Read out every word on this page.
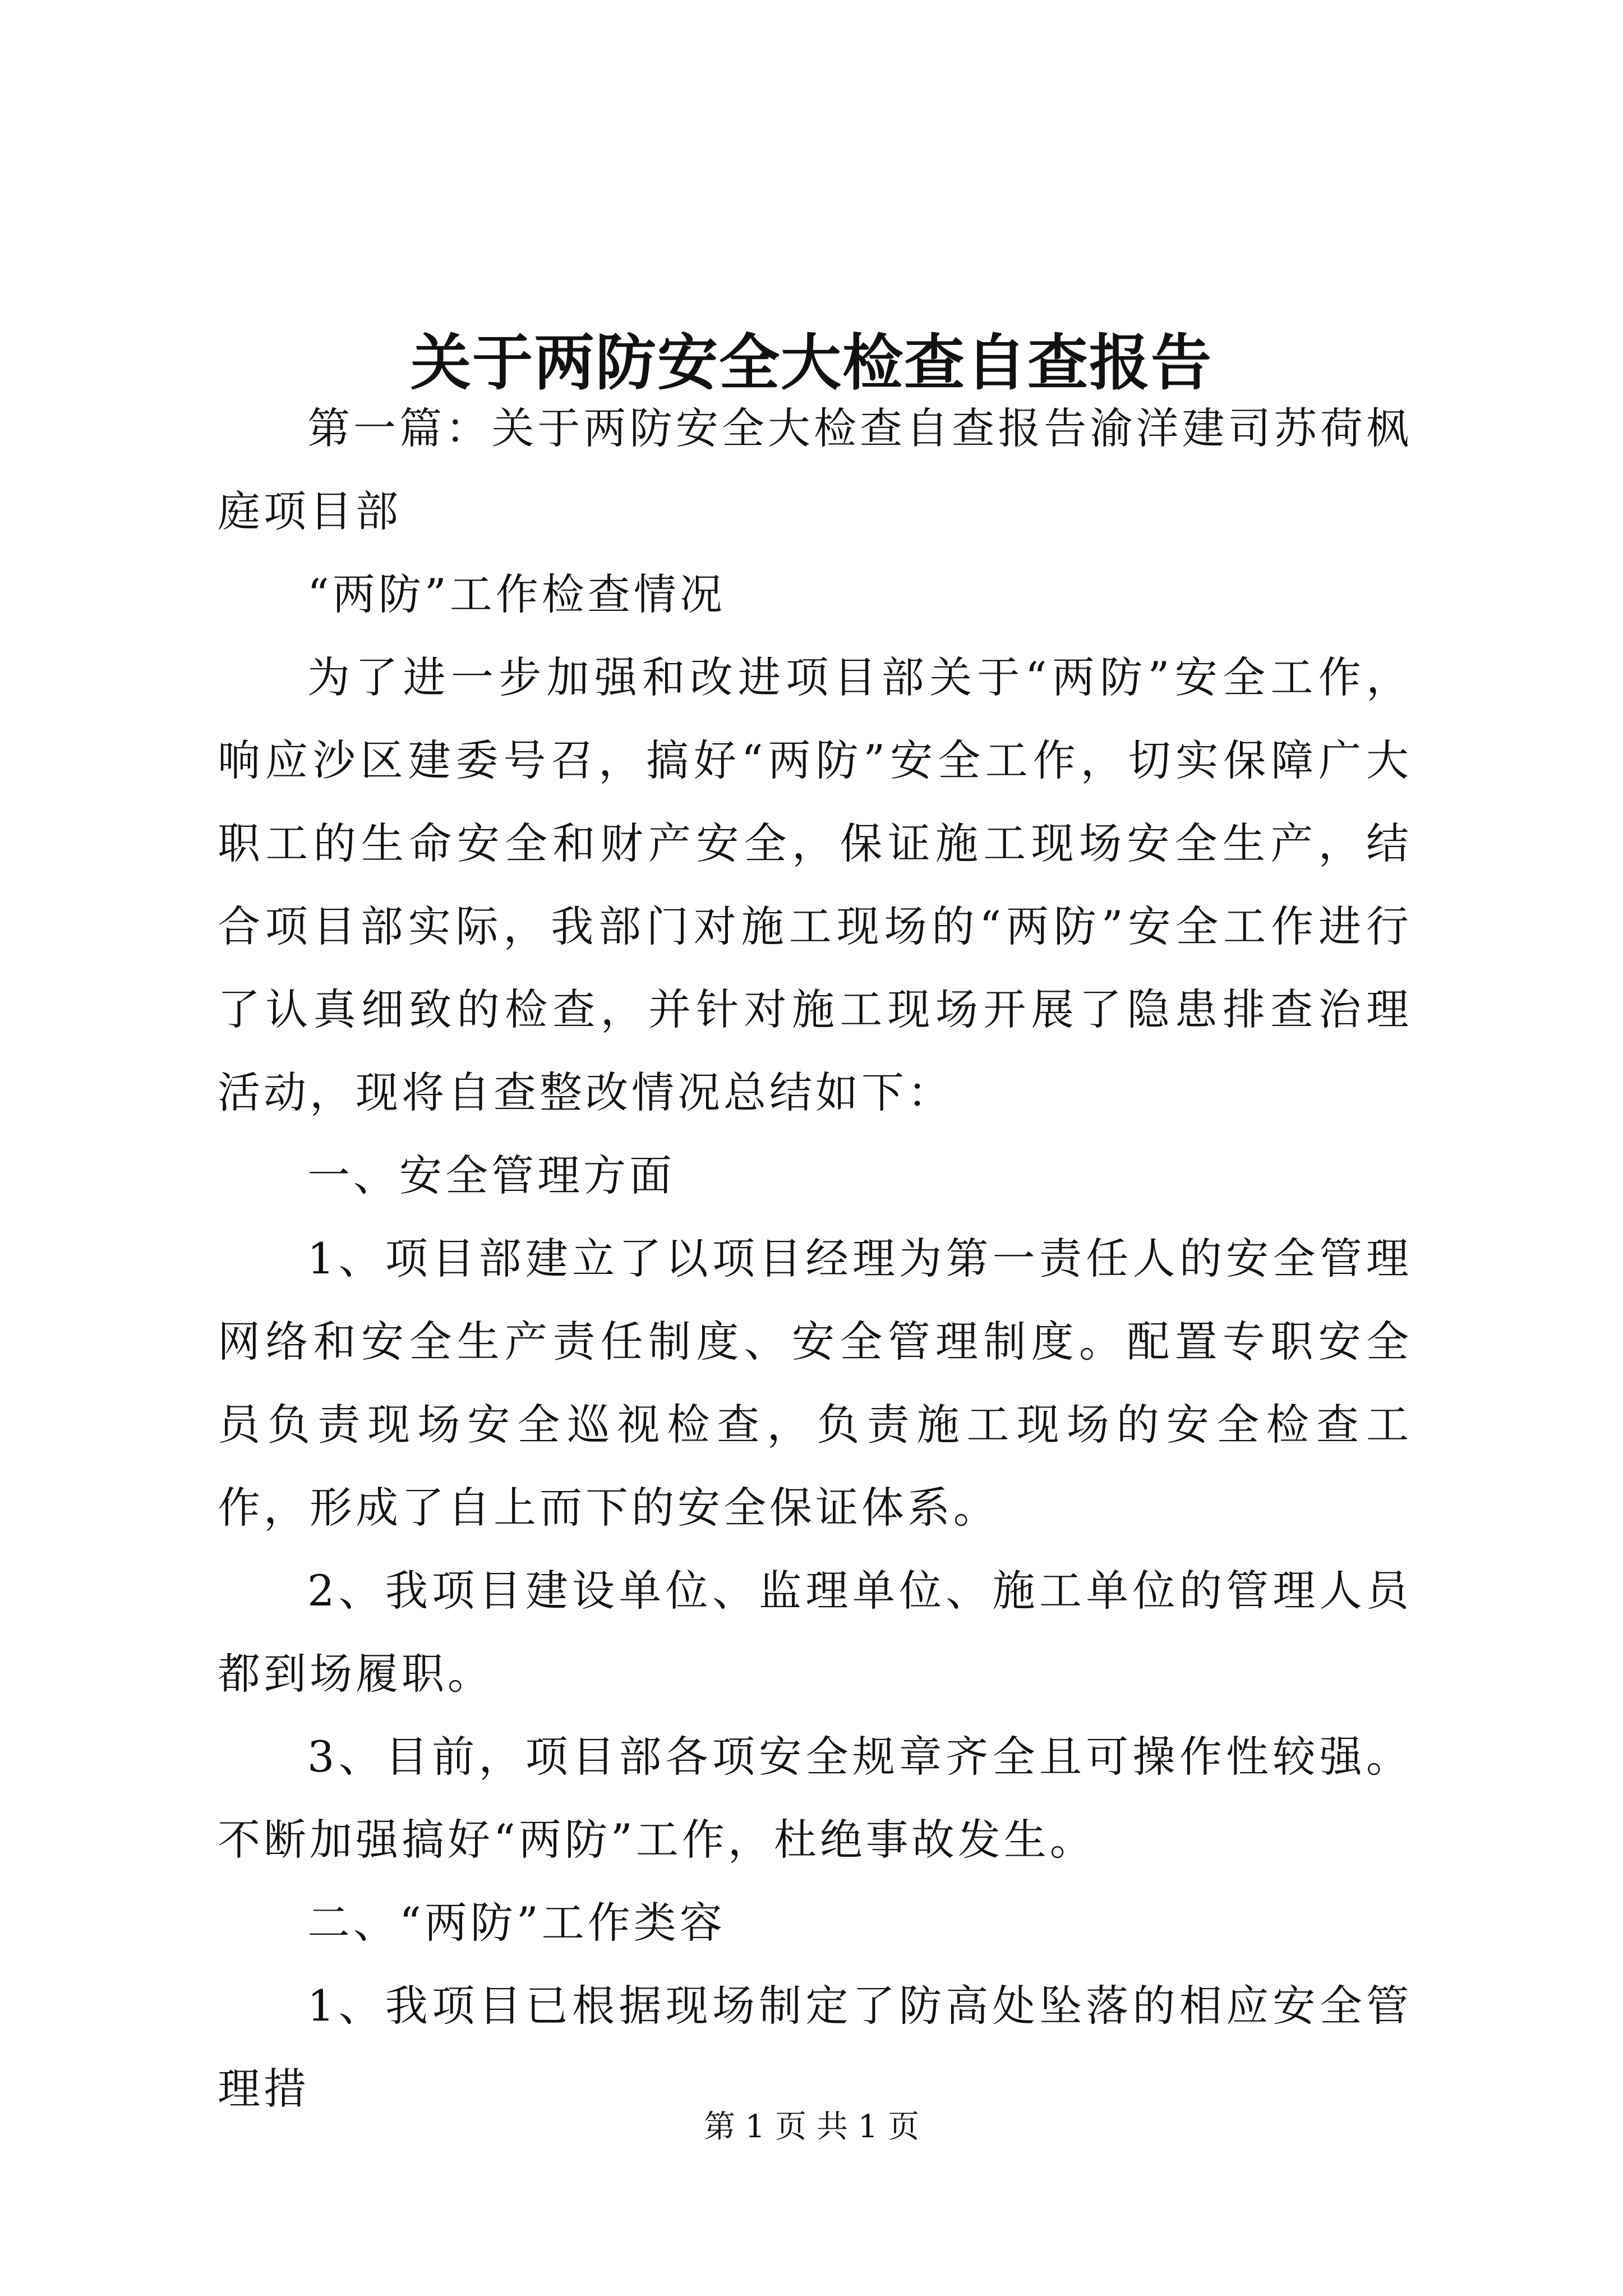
关于两防安全大检查自查报告

第一篇：关于两防安全大检查自查报告渝洋建司苏荷枫庭项目部

“两防”工作检查情况

为了进一步加强和改进项目部关于“两防”安全工作，响应沙区建委号召，搞好“两防”安全工作，切实保障广大职工的生命安全和财产安全，保证施工现场安全生产，结合项目部实际，我部门对施工现场的“两防”安全工作进行了认真细致的检查，并针对施工现场开展了隐患排查治理活动，现将自查整改情况总结如下：

一、安全管理方面

1、项目部建立了以项目经理为第一责任人的安全管理网络和安全生产责任制度、安全管理制度。配置专职安全员负责现场安全巡视检查，负责施工现场的安全检查工作，形成了自上而下的安全保证体系。

2、我项目建设单位、监理单位、施工单位的管理人员都到场履职。

3、目前，项目部各项安全规章齐全且可操作性较强。不断加强搞好“两防”工作，杜绝事故发生。

二、“两防”工作类容

1、我项目已根据现场制定了防高处坠落的相应安全管理措

第 1 页 共 1 页
